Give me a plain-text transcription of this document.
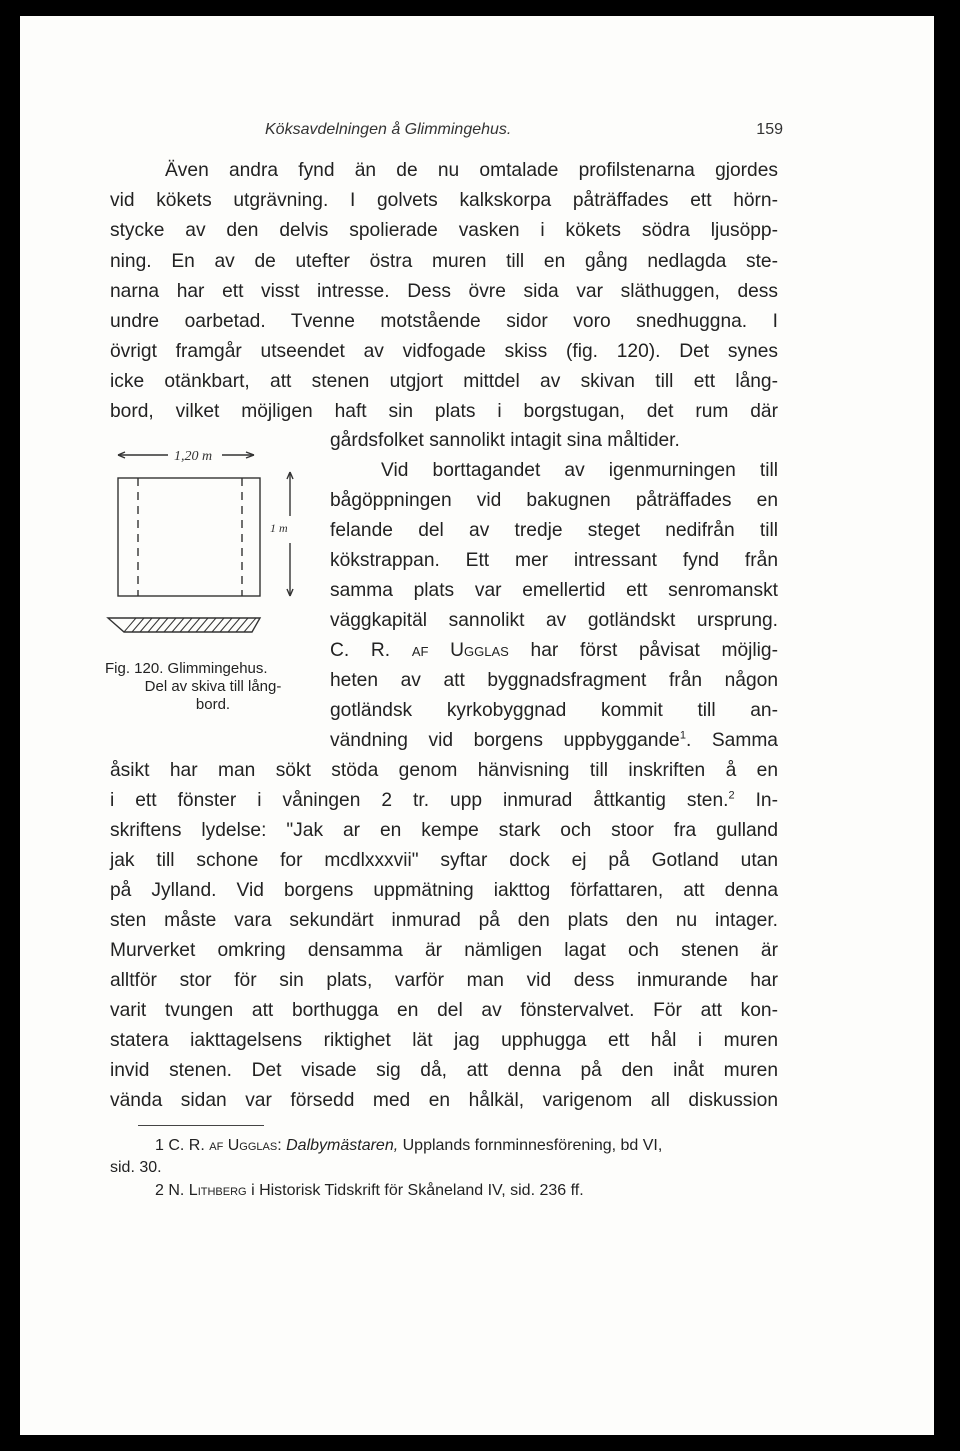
Köksavdelningen å Glimmingehus.	159
Även andra fynd än de nu omtalade profilstenarna gjordes
vid kökets utgrävning. I golvets kalkskorpa påträffades ett hörn-
stycke av den delvis spolierade vasken i kökets södra ljusöpp-
ning. En av de utefter östra muren till en gång nedlagda ste-
narna har ett visst intresse. Dess övre sida var släthuggen, dess
undre oarbetad. Tvenne motstående sidor voro snedhuggna. I
övrigt framgår utseendet av vidfogade skiss (fig. 120). Det synes
icke otänkbart, att stenen utgjort mittdel av skivan till ett lång-
bord, vilket möjligen haft sin plats i borgstugan, det rum där
gårdsfolket sannolikt intagit sina måltider.
Vid borttagandet av igenmurningen till
bågöppningen vid bakugnen påträffades en
felande del av tredje steget nedifrån till
kökstrappan. Ett mer intressant fynd från
samma plats var emellertid ett senromanskt
väggkapitäl sannolikt av gotländskt ursprung.
C. R. af Ugglas har först påvisat möjlig-
heten av att byggnadsfragment från någon
gotländsk kyrkobyggnad kommit till an-
vändning vid borgens uppbyggande$^1$. Samma
åsikt har man sökt stöda genom hänvisning till inskriften å en
i ett fönster i våningen 2 tr. upp inmurad åttkantig sten.$^2$ In-
skriftens lydelse: "Jak ar en kempe stark och stoor fra gulland
jak till schone for mcdlxxxvii" syftar dock ej på Gotland utan
på Jylland. Vid borgens uppmätning iakttog författaren, att denna
sten måste vara sekundärt inmurad på den plats den nu intager.
Murverket omkring densamma är nämligen lagat och stenen är
alltför stor för sin plats, varför man vid dess inmurande har
varit tvungen att borthugga en del av fönstervalvet. För att kon-
statera iakttagelsens riktighet lät jag upphugga ett hål i muren
invid stenen. Det visade sig då, att denna på den inåt muren
vända sidan var försedd med en hålkäl, varigenom all diskussion
1,20 m
1 m
Fig. 120. Glimmingehus.
Del av skiva till lång-
bord.
1 C. R. af Ugglas: Dalbymästaren, Upplands fornminnesförening, bd VI,
sid. 30.
2 N. Lithberg i Historisk Tidskrift för Skåneland IV, sid. 236 ff.
